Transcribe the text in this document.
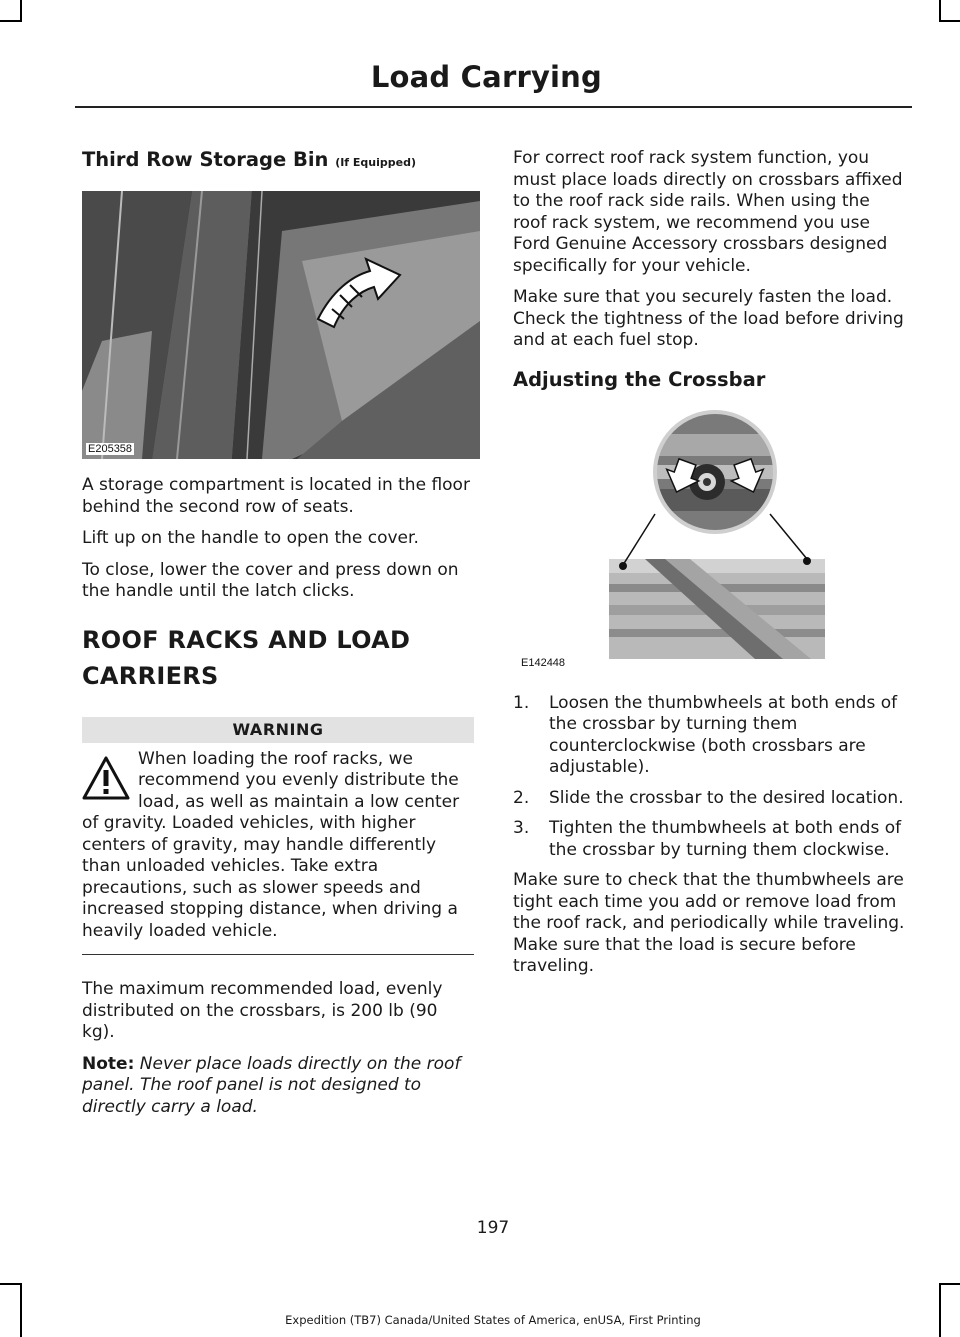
Load Carrying
Third Row Storage Bin (If Equipped)
E205358

A storage compartment is located in the floor behind the second row of seats.

Lift up on the handle to open the cover.

To close, lower the cover and press down on the handle until the latch clicks.

ROOF RACKS AND LOAD
CARRIERS
WARNING

When loading the roof racks, we recommend you evenly distribute the load, as well as maintain a low center of gravity. Loaded vehicles, with higher centers of gravity, may handle differently than unloaded vehicles. Take extra precautions, such as slower speeds and increased stopping distance, when driving a heavily loaded vehicle.

The maximum recommended load, evenly distributed on the crossbars, is 200 lb (90 kg).

Note: Never place loads directly on the roof panel. The roof panel is not designed to directly carry a load.

For correct roof rack system function, you must place loads directly on crossbars affixed to the roof rack side rails. When using the roof rack system, we recommend you use Ford Genuine Accessory crossbars designed specifically for your vehicle.

Make sure that you securely fasten the load. Check the tightness of the load before driving and at each fuel stop.

Adjusting the Crossbar
E142448
1. Loosen the thumbwheels at both ends of the crossbar by turning them counterclockwise (both crossbars are adjustable).
2. Slide the crossbar to the desired location.
3. Tighten the thumbwheels at both ends of the crossbar by turning them clockwise.

Make sure to check that the thumbwheels are tight each time you add or remove load from the roof rack, and periodically while traveling. Make sure that the load is secure before traveling.

197
Expedition (TB7) Canada/United States of America, enUSA, First Printing
